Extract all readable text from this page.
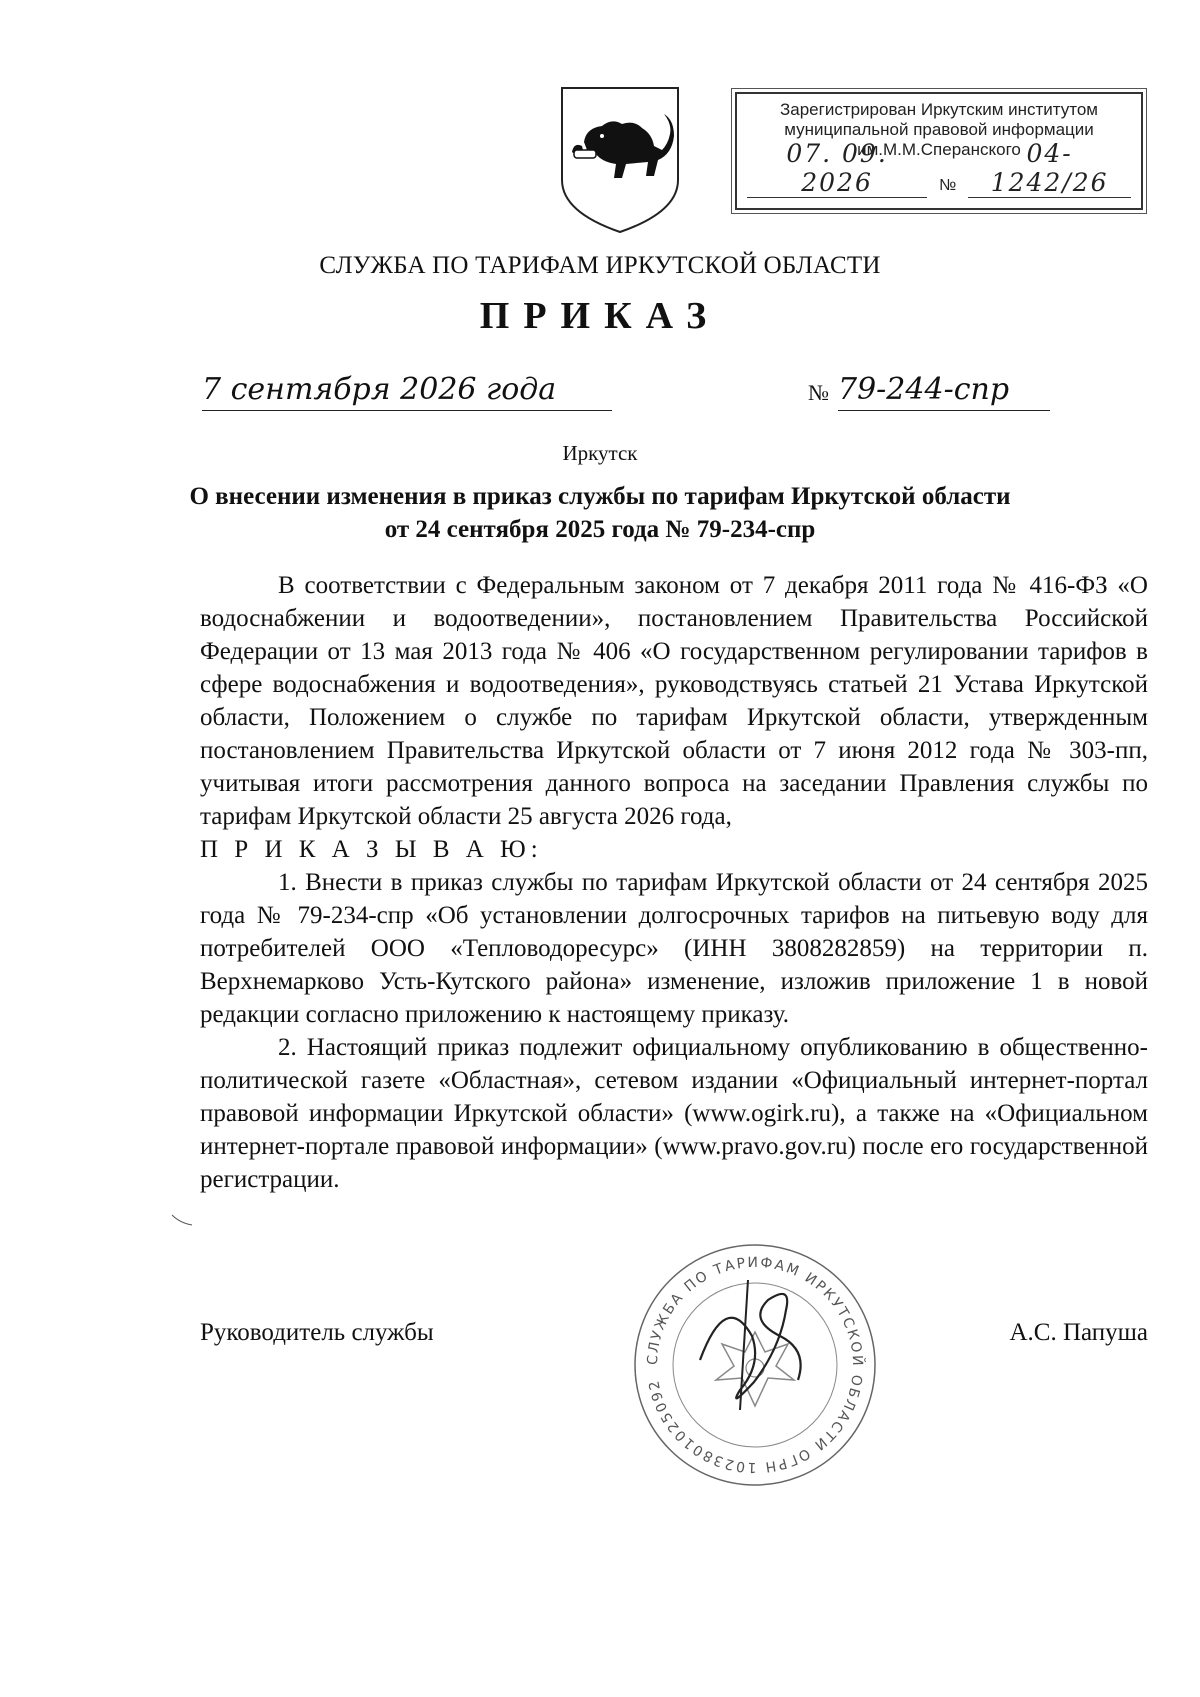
Зарегистрирован Иркутским институтом
муниципальной правовой информации
им.М.М.Сперанского
07. 09. 2026	№
04-1242/26
СЛУЖБА ПО ТАРИФАМ ИРКУТСКОЙ ОБЛАСТИ
ПРИКАЗ
7 сентября 2026 года	№ 79-244-спр
Иркутск
О внесении изменения в приказ службы по тарифам Иркутской области
от 24 сентября 2025 года № 79-234-спр

В соответствии с Федеральным законом от 7 декабря 2011 года № 416-ФЗ «О водоснабжении и водоотведении», постановлением Правительства Российской Федерации от 13 мая 2013 года № 406 «О государственном регулировании тарифов в сфере водоснабжения и водоотведения», руководствуясь статьей 21 Устава Иркутской области, Положением о службе по тарифам Иркутской области, утвержденным постановлением Правительства Иркутской области от 7 июня 2012 года № 303-пп, учитывая итоги рассмотрения данного вопроса на заседании Правления службы по тарифам Иркутской области 25 августа 2026 года,

П Р И К А З Ы В А Ю:

1. Внести в приказ службы по тарифам Иркутской области от 24 сентября 2025 года № 79-234-спр «Об установлении долгосрочных тарифов на питьевую воду для потребителей ООО «Тепловодоресурс» (ИНН 3808282859) на территории п. Верхнемарково Усть-Кутского района» изменение, изложив приложение 1 в новой редакции согласно приложению к настоящему приказу.

2. Настоящий приказ подлежит официальному опубликованию в общественно-политической газете «Областная», сетевом издании «Официальный интернет-портал правовой информации Иркутской области» (www.ogirk.ru), а также на «Официальном интернет-портале правовой информации» (www.pravo.gov.ru) после его государственной регистрации.

Руководитель службы
СЛУЖБА ПО ТАРИФАМ ИРКУТСКОЙ ОБЛАСТИ ОГРН 1023801025092
А.С. Папуша
